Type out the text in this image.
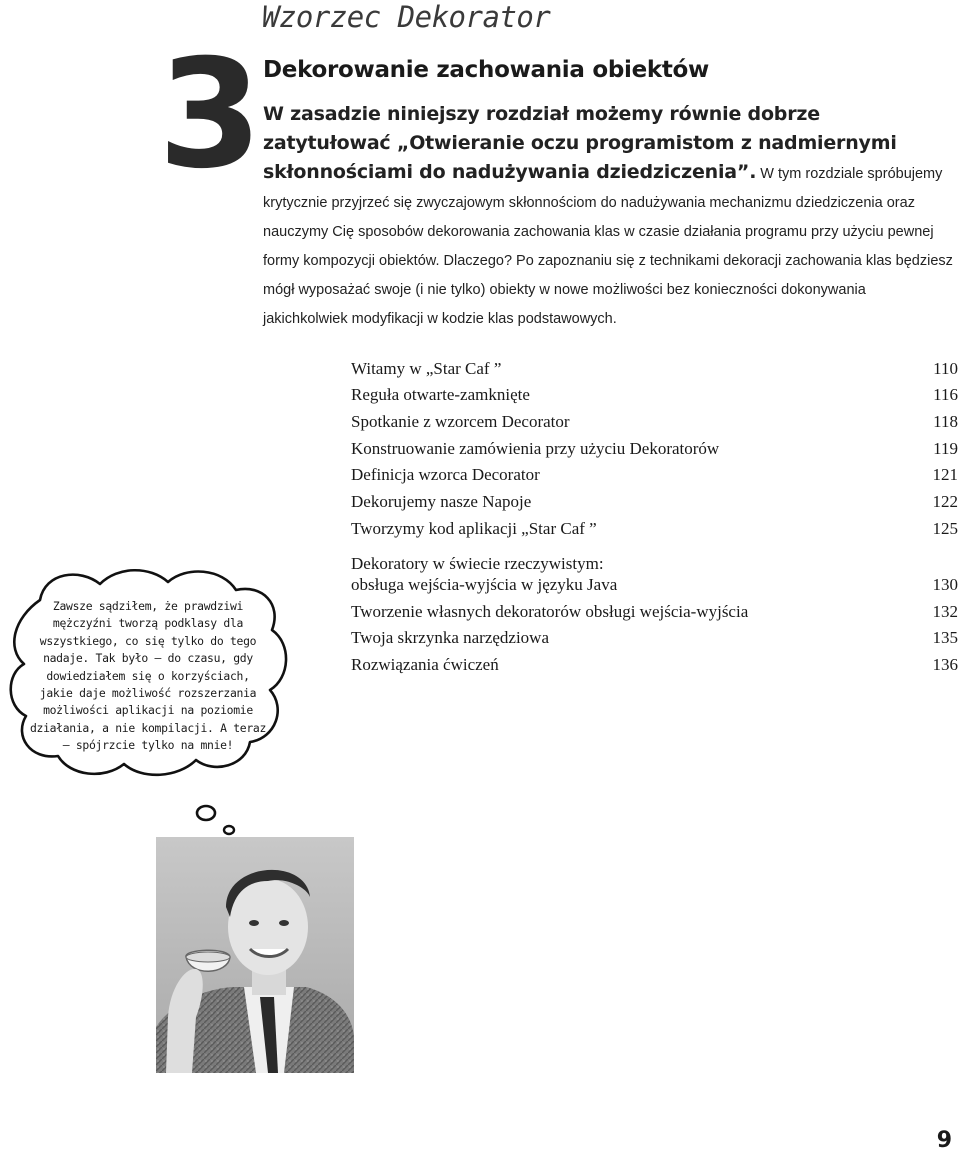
3
Wzorzec Dekorator
Dekorowanie zachowania obiektów
W zasadzie niniejszy rozdział możemy równie dobrze zatytułować „Otwieranie oczu programistom z nadmiernymi skłonnościami do nadużywania dziedziczenia”. W tym rozdziale spróbujemy krytycznie przyjrzeć się zwyczajowym skłonnościom do nadużywania mechanizmu dziedziczenia oraz nauczymy Cię sposobów dekorowania zachowania klas w czasie działania programu przy użyciu pewnej formy kompozycji obiektów. Dlaczego? Po zapoznaniu się z technikami dekoracji zachowania klas będziesz mógł wyposażać swoje (i nie tylko) obiekty w nowe możliwości bez konieczności dokonywania jakichkolwiek modyfikacji w kodzie klas podstawowych.
Witamy w „Star Caf ”	110
Reguła otwarte-zamknięte	116
Spotkanie z wzorcem Decorator	118
Konstruowanie zamówienia przy użyciu Dekoratorów	119
Definicja wzorca Decorator	121
Dekorujemy nasze Napoje	122
Tworzymy kod aplikacji „Star Caf ”	125
Dekoratory w świecie rzeczywistym:
obsługa wejścia-wyjścia w języku Java	130
Tworzenie własnych dekoratorów obsługi wejścia-wyjścia	132
Twoja skrzynka narzędziowa	135
Rozwiązania ćwiczeń	136
Zawsze sądziłem, że prawdziwi mężczyźni tworzą podklasy dla wszystkiego, co się tylko do tego nadaje. Tak było — do czasu, gdy dowiedziałem się o korzyściach, jakie daje możliwość rozszerzania możliwości aplikacji na poziomie działania, a nie kompilacji. A teraz — spójrzcie tylko na mnie!
9
